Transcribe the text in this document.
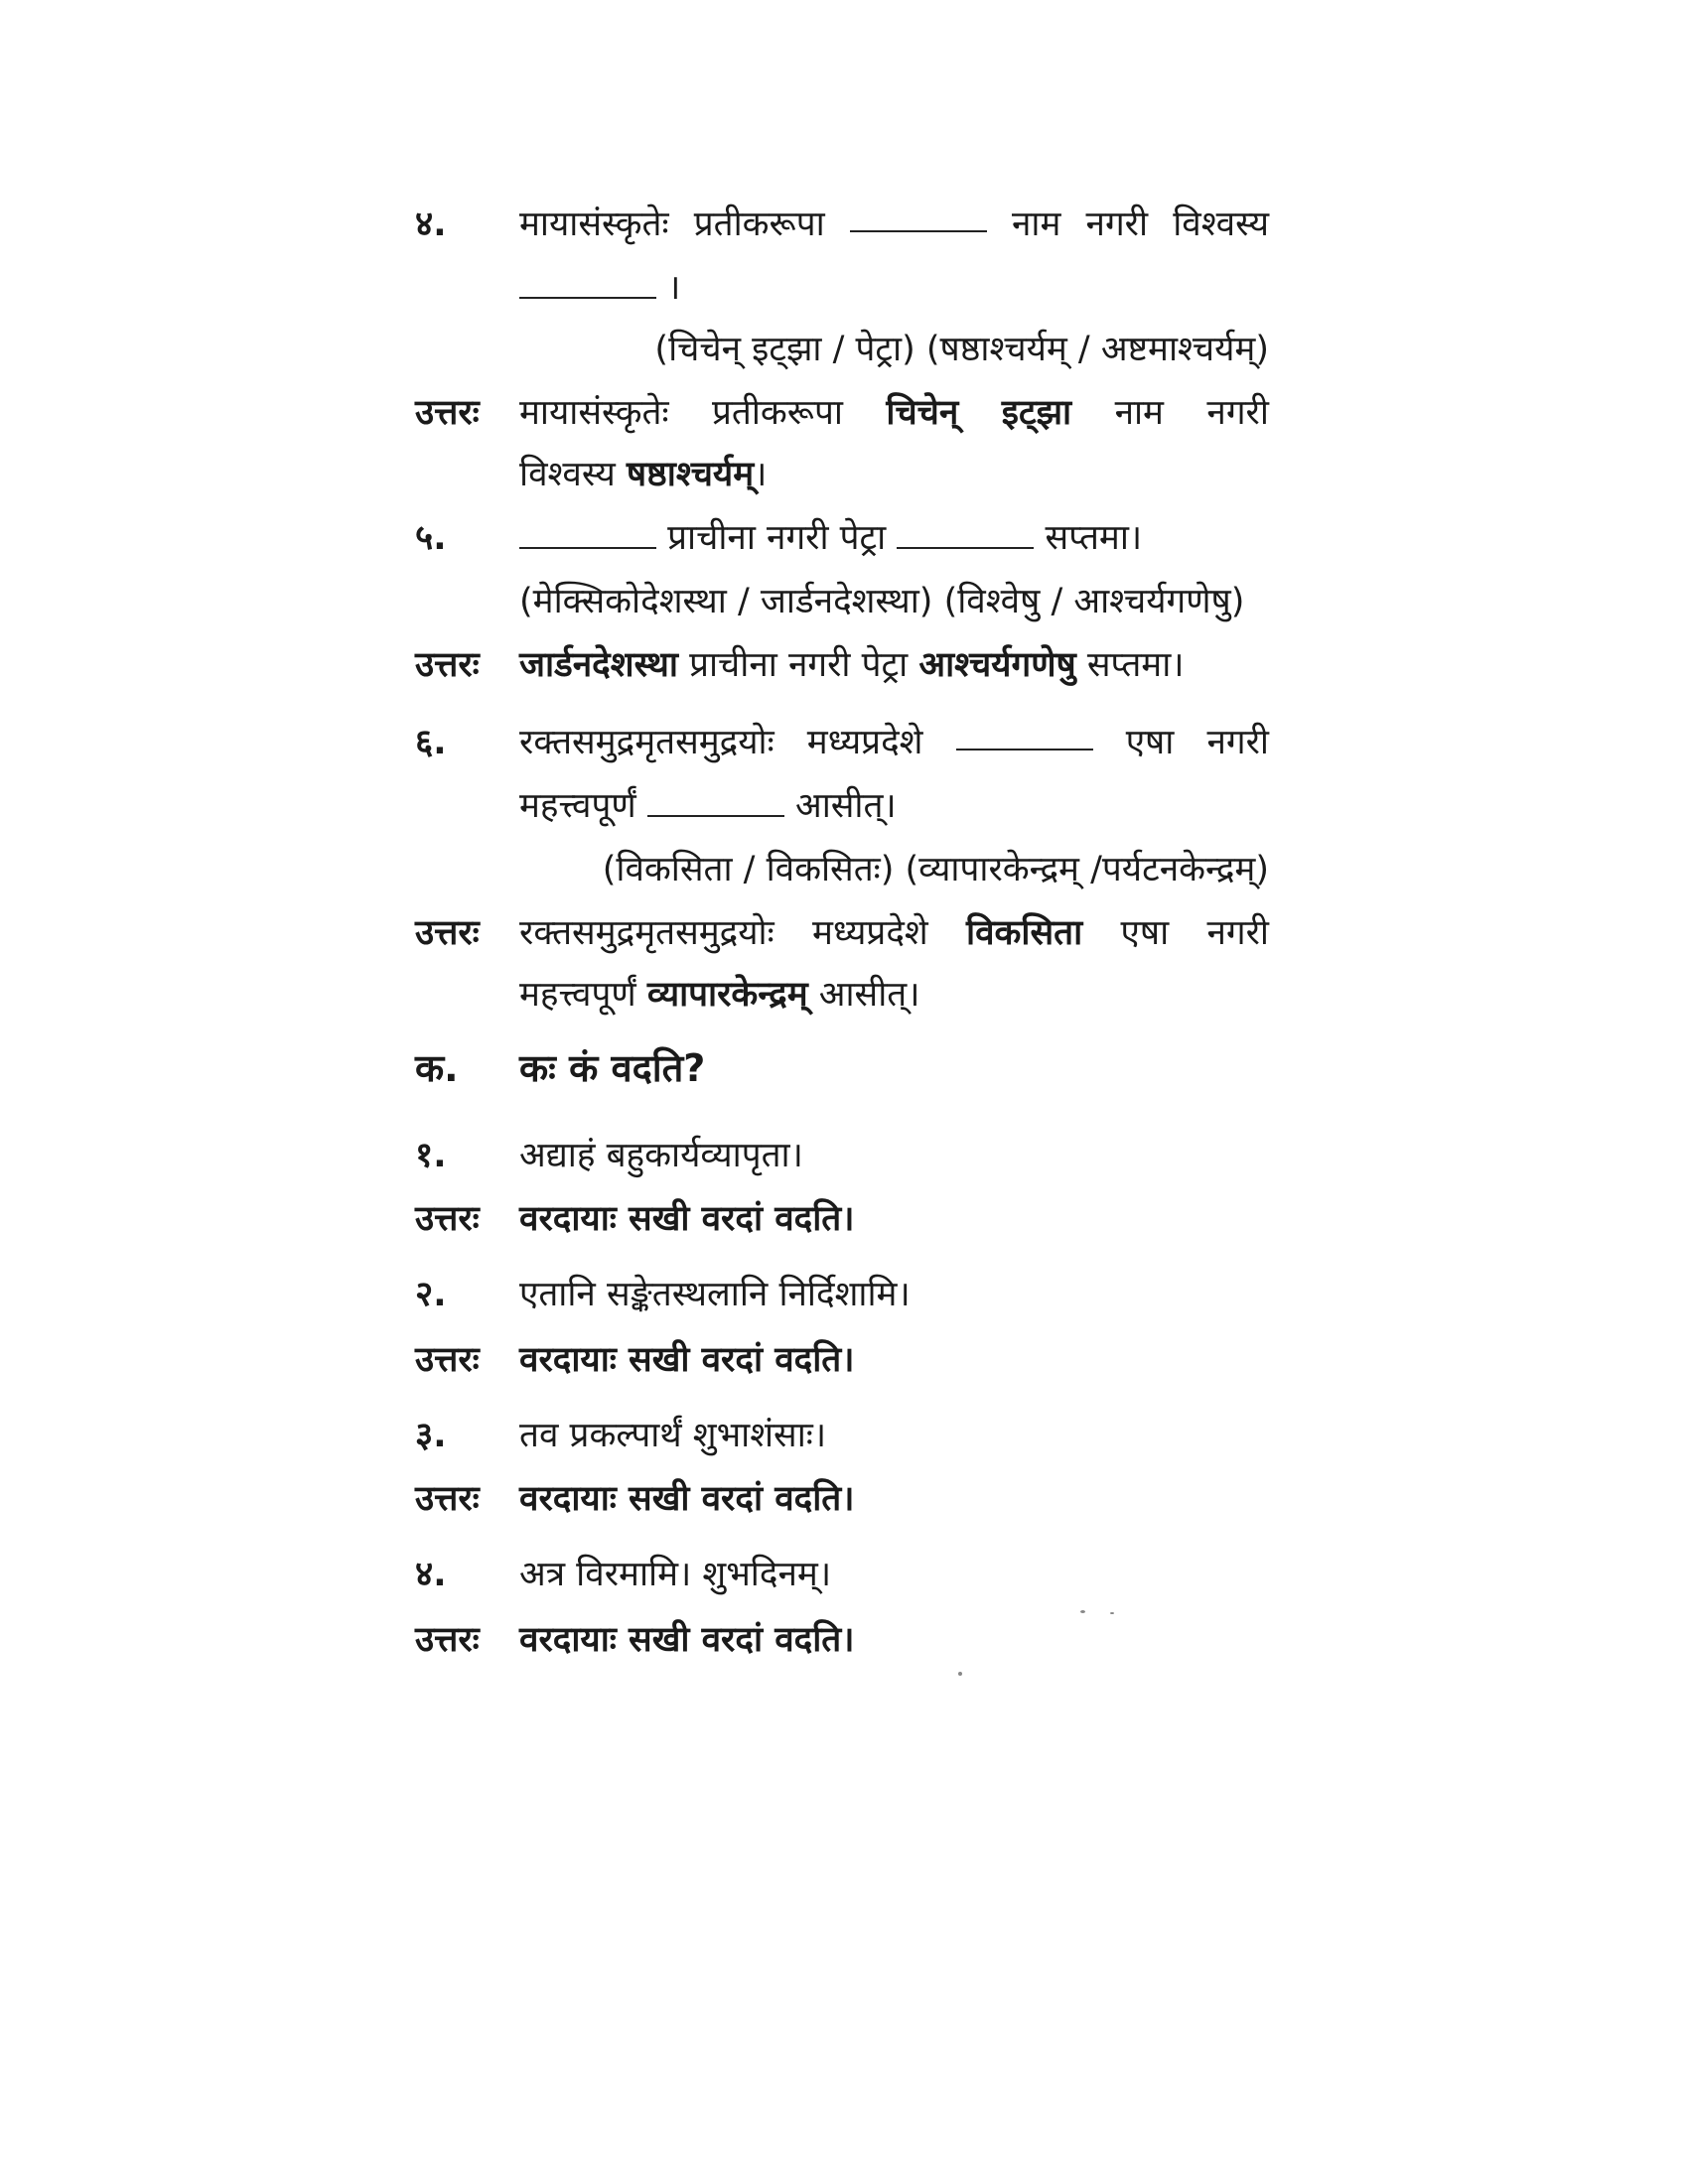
४.	मायासंस्कृतेः प्रतीकरूपा	नाम नगरी विश्वस्य
।
(चिचेन् इट्झा / पेट्रा) (षष्ठाश्चर्यम् / अष्टमाश्चर्यम्)
उत्तरः	मायासंस्कृतेः प्रतीकरूपा चिचेन् इट्झा नाम नगरी
विश्वस्य षष्ठाश्चर्यम्।
५.	प्राचीना नगरी पेट्रा	सप्तमा।
(मेक्सिकोदेशस्था / जार्डनदेशस्था) (विश्वेषु / आश्चर्यगणेषु)
उत्तरः	जार्डनदेशस्था प्राचीना नगरी पेट्रा आश्चर्यगणेषु सप्तमा।
६.	रक्तसमुद्रमृतसमुद्रयोः मध्यप्रदेशे	एषा नगरी
महत्त्वपूर्णं	आसीत्।
(विकसिता / विकसितः) (व्यापारकेन्द्रम् /पर्यटनकेन्द्रम्)
उत्तरः	रक्तसमुद्रमृतसमुद्रयोः मध्यप्रदेशे विकसिता एषा नगरी
महत्त्वपूर्णं व्यापारकेन्द्रम् आसीत्।
क.	कः कं वदति?
१.	अद्याहं बहुकार्यव्यापृता।
उत्तरः	वरदायाः सखी वरदां वदति।
२.	एतानि सङ्केतस्थलानि निर्दिशामि।
उत्तरः	वरदायाः सखी वरदां वदति।
३.	तव प्रकल्पार्थं शुभाशंसाः।
उत्तरः	वरदायाः सखी वरदां वदति।
४.	अत्र विरमामि। शुभदिनम्।
उत्तरः	वरदायाः सखी वरदां वदति।
